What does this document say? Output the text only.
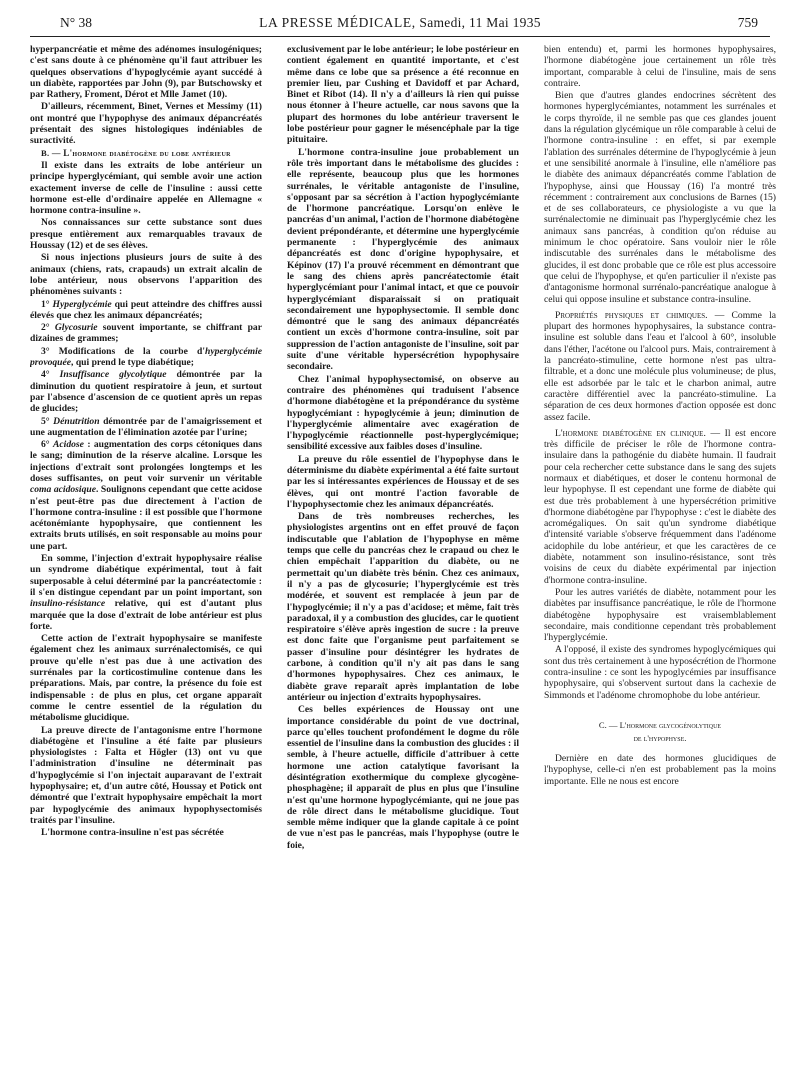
N° 38	LA PRESSE MÉDICALE, Samedi, 11 Mai 1935	759

hyperpancréatie et même des adénomes insulogéniques; c'est sans doute à ce phénomène qu'il faut attribuer les quelques observations d'hypoglycémie ayant succédé à un diabète, rapportées par John (9), par Butschowsky et par Rathery, Froment, Dérot et Mlle Jamet (10).

D'ailleurs, récemment, Binet, Vernes et Messimy (11) ont montré que l'hypophyse des animaux dépancréatés présentait des signes histologiques indéniables de suractivité.

B. — L'hormone diabétogène du lobe antérieur

Il existe dans les extraits de lobe antérieur un principe hyperglycémiant, qui semble avoir une action exactement inverse de celle de l'insuline : aussi cette hormone est-elle d'ordinaire appelée en Allemagne « hormone contra-insuline ».

Nos connaissances sur cette substance sont dues presque entièrement aux remarquables travaux de Houssay (12) et de ses élèves.

Si nous injections plusieurs jours de suite à des animaux (chiens, rats, crapauds) un extrait alcalin de lobe antérieur, nous observons l'apparition des phénomènes suivants :

1° Hyperglycémie qui peut atteindre des chiffres aussi élevés que chez les animaux dépancréatés;

2° Glycosurie souvent importante, se chiffrant par dizaines de grammes;

3° Modifications de la courbe d'hyperglycémie provoquée, qui prend le type diabétique;

4° Insuffisance glycolytique démontrée par la diminution du quotient respiratoire à jeun, et surtout par l'absence d'ascension de ce quotient après un repas de glucides;

5° Dénutrition démontrée par de l'amaigrissement et une augmentation de l'élimination azotée par l'urine;

6° Acidose : augmentation des corps cétoniques dans le sang; diminution de la réserve alcaline. Lorsque les injections d'extrait sont prolongées longtemps et les doses suffisantes, on peut voir survenir un véritable coma acidosique. Soulignons cependant que cette acidose n'est peut-être pas due directement à l'action de l'hormone contra-insuline : il est possible que l'hormone acétonémiante hypophysaire, que contiennent les extraits bruts utilisés, en soit responsable au moins pour une part.

En somme, l'injection d'extrait hypophysaire réalise un syndrome diabétique expérimental, tout à fait superposable à celui déterminé par la pancréatectomie : il s'en distingue cependant par un point important, son insulino-résistance relative, qui est d'autant plus marquée que la dose d'extrait de lobe antérieur est plus forte.

Cette action de l'extrait hypophysaire se manifeste également chez les animaux surrénalectomisés, ce qui prouve qu'elle n'est pas due à une activation des surrénales par la corticostimuline contenue dans les préparations. Mais, par contre, la présence du foie est indispensable : de plus en plus, cet organe apparaît comme le centre essentiel de la régulation du métabolisme glucidique.

La preuve directe de l'antagonisme entre l'hormone diabétogène et l'insuline a été faite par plusieurs physiologistes : Falta et Högler (13) ont vu que l'administration d'insuline ne déterminait pas d'hypoglycémie si l'on injectait auparavant de l'extrait hypophysaire; et, d'un autre côté, Houssay et Potick ont démontré que l'extrait hypophysaire empêchait la mort par hypoglycémie des animaux hypophysectomisés traités par l'insuline.

L'hormone contra-insuline n'est pas sécrétée

exclusivement par le lobe antérieur; le lobe postérieur en contient également en quantité importante, et c'est même dans ce lobe que sa présence a été reconnue en premier lieu, par Cushing et Davidoff et par Achard, Binet et Ribot (14). Il n'y a d'ailleurs là rien qui puisse nous étonner à l'heure actuelle, car nous savons que la plupart des hormones du lobe antérieur traversent le lobe postérieur pour gagner le mésencéphale par la tige pituitaire.

L'hormone contra-insuline joue probablement un rôle très important dans le métabolisme des glucides : elle représente, beaucoup plus que les hormones surrénales, le véritable antagoniste de l'insuline, s'opposant par sa sécrétion à l'action hypoglycémiante de l'hormone pancréatique. Lorsqu'on enlève le pancréas d'un animal, l'action de l'hormone diabétogène devient prépondérante, et détermine une hyperglycémie permanente : l'hyperglycémie des animaux dépancréatés est donc d'origine hypophysaire, et Képinov (17) l'a prouvé récemment en démontrant que le sang des chiens après pancréatectomie était hyperglycémiant pour l'animal intact, et que ce pouvoir hyperglycémiant disparaissait si on pratiquait secondairement une hypophysectomie. Il semble donc démontré que le sang des animaux dépancréatés contient un excès d'hormone contra-insuline, soit par suppression de l'action antagoniste de l'insuline, soit par suite d'une véritable hypersécrétion hypophysaire secondaire.

Chez l'animal hypophysectomisé, on observe au contraire des phénomènes qui traduisent l'absence d'hormone diabétogène et la prépondérance du système hypoglycémiant : hypoglycémie à jeun; diminution de l'hyperglycémie alimentaire avec exagération de l'hypoglycémie réactionnelle post-hyperglycémique; sensibilité excessive aux faibles doses d'insuline.

La preuve du rôle essentiel de l'hypophyse dans le déterminisme du diabète expérimental a été faite surtout par les si intéressantes expériences de Houssay et de ses élèves, qui ont montré l'action favorable de l'hypophysectomie chez les animaux dépancréatés.

Dans de très nombreuses recherches, les physiologistes argentins ont en effet prouvé de façon indiscutable que l'ablation de l'hypophyse en même temps que celle du pancréas chez le crapaud ou chez le chien empêchait l'apparition du diabète, ou ne permettait qu'un diabète très bénin. Chez ces animaux, il n'y a pas de glycosurie; l'hyperglycémie est très modérée, et souvent est remplacée à jeun par de l'hypoglycémie; il n'y a pas d'acidose; et même, fait très paradoxal, il y a combustion des glucides, car le quotient respiratoire s'élève après ingestion de sucre : la preuve est donc faite que l'organisme peut parfaitement se passer d'insuline pour désintégrer les hydrates de carbone, à condition qu'il n'y ait pas dans le sang d'hormones hypophysaires. Chez ces animaux, le diabète grave reparaît après implantation de lobe antérieur ou injection d'extraits hypophysaires.

Ces belles expériences de Houssay ont une importance considérable du point de vue doctrinal, parce qu'elles touchent profondément le dogme du rôle essentiel de l'insuline dans la combustion des glucides : il semble, à l'heure actuelle, difficile d'attribuer à cette hormone une action catalytique favorisant la désintégration exothermique du complexe glycogène-phosphagène; il apparaît de plus en plus que l'insuline n'est qu'une hormone hypoglycémiante, qui ne joue pas de rôle direct dans le métabolisme glucidique. Tout semble même indiquer que la glande capitale à ce point de vue n'est pas le pancréas, mais l'hypophyse (outre le foie,

bien entendu) et, parmi les hormones hypophysaires, l'hormone diabétogène joue certainement un rôle très important, comparable à celui de l'insuline, mais de sens contraire.

Bien que d'autres glandes endocrines sécrètent des hormones hyperglycémiantes, notamment les surrénales et le corps thyroïde, il ne semble pas que ces glandes jouent dans la régulation glycémique un rôle comparable à celui de l'hormone contra-insuline : en effet, si par exemple l'ablation des surrénales détermine de l'hypoglycémie à jeun et une sensibilité anormale à l'insuline, elle n'améliore pas le diabète des animaux dépancréatés comme l'ablation de l'hypophyse, ainsi que Houssay (16) l'a montré très récemment : contrairement aux conclusions de Barnes (15) et de ses collaborateurs, ce physiologiste a vu que la surrénalectomie ne diminuait pas l'hyperglycémie chez les animaux sans pancréas, à condition qu'on réduise au minimum le choc opératoire. Sans vouloir nier le rôle indiscutable des surrénales dans le métabolisme des glucides, il est donc probable que ce rôle est plus accessoire que celui de l'hypophyse, et qu'en particulier il n'existe pas d'antagonisme hormonal surrénalo-pancréatique analogue à celui qui oppose insuline et substance contra-insuline.

Propriétés physiques et chimiques. — Comme la plupart des hormones hypophysaires, la substance contra-insuline est soluble dans l'eau et l'alcool à 60°, insoluble dans l'éther, l'acétone ou l'alcool purs. Mais, contrairement à la pancréato-stimuline, cette hormone n'est pas ultra-filtrable, et a donc une molécule plus volumineuse; de plus, elle est adsorbée par le talc et le charbon animal, autre caractère différentiel avec la pancréato-stimuline. La séparation de ces deux hormones d'action opposée est donc assez facile.

L'hormone diabétogène en clinique. — Il est encore très difficile de préciser le rôle de l'hormone contra-insulaire dans la pathogénie du diabète humain. Il faudrait pour cela rechercher cette substance dans le sang des sujets normaux et diabétiques, et doser le contenu hormonal de leur hypophyse. Il est cependant une forme de diabète qui est due très probablement à une hypersécrétion primitive d'hormone diabétogène par l'hypophyse : c'est le diabète des acromégaliques. On sait qu'un syndrome diabétique d'intensité variable s'observe fréquemment dans l'adénome acidophile du lobe antérieur, et que les caractères de ce diabète, notamment son insulino-résistance, sont très voisins de ceux du diabète expérimental par injection d'hormone contra-insuline.

Pour les autres variétés de diabète, notamment pour les diabètes par insuffisance pancréatique, le rôle de l'hormone diabétogène hypophysaire est vraisemblablement secondaire, mais conditionne cependant très probablement l'hyperglycémie.

A l'opposé, il existe des syndromes hypoglycémiques qui sont dus très certainement à une hyposécrétion de l'hormone contra-insuline : ce sont les hypoglycémies par insuffisance hypophysaire, qui s'observent surtout dans la cachexie de Simmonds et l'adénome chromophobe du lobe antérieur.

C. — L'hormone glycogénolytique
de l'hypophyse.

Dernière en date des hormones glucidiques de l'hypophyse, celle-ci n'en est probablement pas la moins importante. Elle ne nous est encore
